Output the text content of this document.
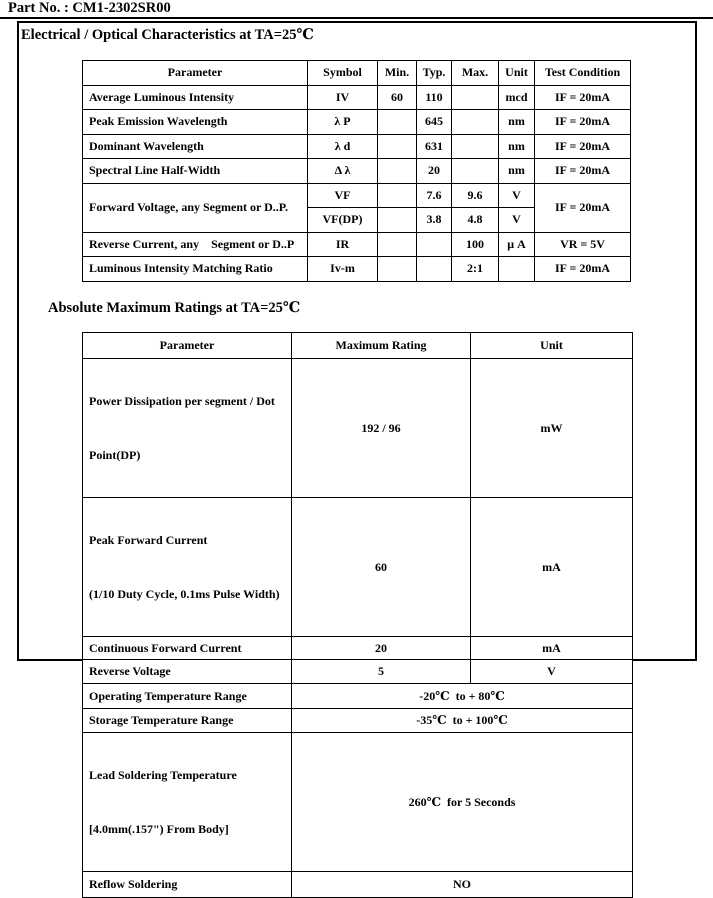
Part No. : CM1-2302SR00
Electrical / Optical Characteristics at TA=25℃
Absolute Maximum Ratings at TA=25℃
Parameter	Symbol	Min.	Typ.	Max.	Unit	Test Condition
Average Luminous Intensity	IV	60	110		mcd	IF = 20mA
Peak Emission Wavelength	λ P		645		nm	IF = 20mA
Dominant Wavelength	λ d		631		nm	IF = 20mA
Spectral Line Half-Width	Δ λ		20		nm	IF = 20mA
Forward Voltage, any Segment or D..P.	VF		7.6	9.6	V	IF = 20mA
	VF(DP)		3.8	4.8	V	
Reverse Current, any    Segment or D..P	IR			100	μ A	VR = 5V
Luminous Intensity Matching Ratio	Iv-m			2:1		IF = 20mA
Parameter	Maximum Rating	Unit

Power Dissipation per segment / Dot

Point(DP)	192 / 96	mW

Peak Forward Current

(1/10 Duty Cycle, 0.1ms Pulse Width)	60	mA
Continuous Forward Current	20	mA
Reverse Voltage	5	V
Operating Temperature Range	-20℃  to + 80℃	
Storage Temperature Range	-35℃  to + 100℃	

Lead Soldering Temperature

[4.0mm(.157") From Body]	260℃  for 5 Seconds	
Reflow Soldering	NO	
